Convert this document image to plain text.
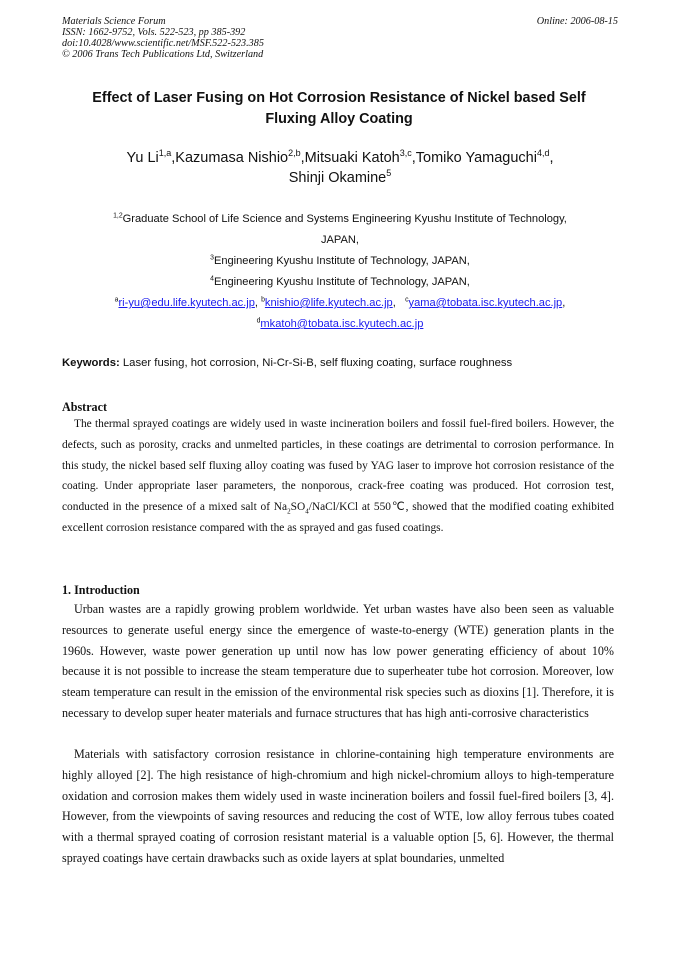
Materials Science Forum	Online: 2006-08-15
ISSN: 1662-9752, Vols. 522-523, pp 385-392
doi:10.4028/www.scientific.net/MSF.522-523.385
© 2006 Trans Tech Publications Ltd, Switzerland
Effect of Laser Fusing on Hot Corrosion Resistance of Nickel based Self
Fluxing Alloy Coating
Yu Li$^{1,a}$,Kazumasa Nishio$^{2,b}$,Mitsuaki Katoh$^{3,c}$,Tomiko Yamaguchi$^{4,d}$,
Shinji Okamine$^5$
$^{1,2}$Graduate School of Life Science and Systems Engineering Kyushu Institute of Technology,
JAPAN,
$^3$Engineering Kyushu Institute of Technology, JAPAN,
$^4$Engineering Kyushu Institute of Technology, JAPAN,
$^a$ri-yu@edu.life.kyutech.ac.jp, $^b$knishio@life.kyutech.ac.jp, $^c$yama@tobata.isc.kyutech.ac.jp,
$^d$mkatoh@tobata.isc.kyutech.ac.jp
Keywords: Laser fusing, hot corrosion, Ni-Cr-Si-B, self fluxing coating, surface roughness
Abstract

The thermal sprayed coatings are widely used in waste incineration boilers and fossil fuel-fired boilers. However, the defects, such as porosity, cracks and unmelted particles, in these coatings are detrimental to corrosion performance. In this study, the nickel based self fluxing alloy coating was fused by YAG laser to improve hot corrosion resistance of the coating. Under appropriate laser parameters, the nonporous, crack-free coating was produced. Hot corrosion test, conducted in the presence of a mixed salt of $Na_2SO_4/NaCl$/KCl at 550℃, showed that the modified coating exhibited excellent corrosion resistance compared with the as sprayed and gas fused coatings.

1. Introduction

Urban wastes are a rapidly growing problem worldwide. Yet urban wastes have also been seen as valuable resources to generate useful energy since the emergence of waste-to-energy (WTE) generation plants in the 1960s. However, waste power generation up until now has low power generating efficiency of about 10% because it is not possible to increase the steam temperature due to superheater tube hot corrosion. Moreover, low steam temperature can result in the emission of the environmental risk species such as dioxins [1]. Therefore, it is necessary to develop super heater materials and furnace structures that has high anti-corrosive characteristics

Materials with satisfactory corrosion resistance in chlorine-containing high temperature environments are highly alloyed [2]. The high resistance of high-chromium and high nickel-chromium alloys to high-temperature oxidation and corrosion makes them widely used in waste incineration boilers and fossil fuel-fired boilers [3, 4]. However, from the viewpoints of saving resources and reducing the cost of WTE, low alloy ferrous tubes coated with a thermal sprayed coating of corrosion resistant material is a valuable option [5, 6]. However, the thermal sprayed coatings have certain drawbacks such as oxide layers at splat boundaries, unmelted
